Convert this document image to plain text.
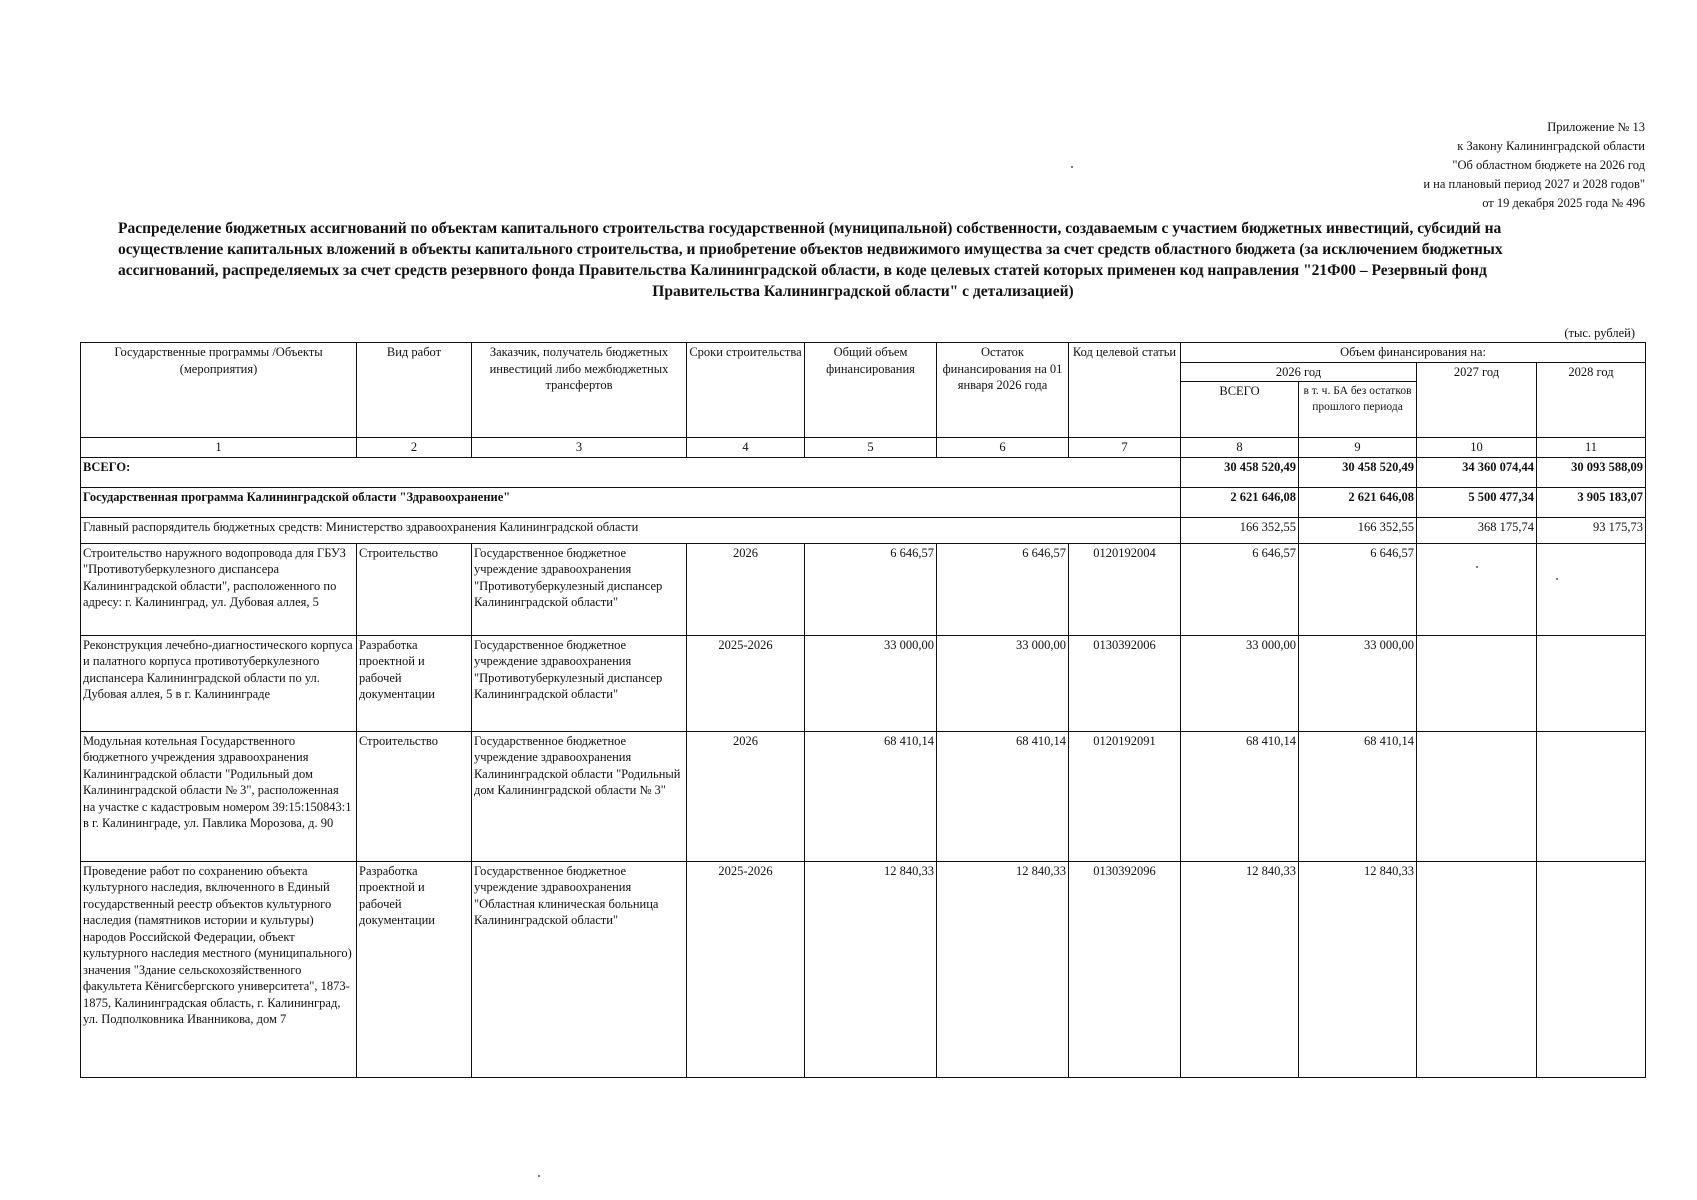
Приложение № 13
к Закону Калининградской области
"Об областном бюджете на 2026 год
и на плановый период 2027 и 2028 годов"
от 19 декабря 2025 года № 496
Распределение бюджетных ассигнований по объектам капитального строительства государственной (муниципальной) собственности, создаваемым с участием бюджетных инвестиций, субсидий на
осуществление капитальных вложений в объекты капитального строительства, и приобретение объектов недвижимого имущества за счет средств областного бюджета (за исключением бюджетных
ассигнований, распределяемых за счет средств резервного фонда Правительства Калининградской области, в коде целевых статей которых применен код направления "21Ф00 – Резервный фонд
Правительства Калининградской области" с детализацией)
(тыс. рублей)
Государственные программы /Объекты (мероприятия)	Вид работ	Заказчик, получатель бюджетных инвестиций либо межбюджетных трансфертов	Сроки строительства	Общий объем финансирования	Остаток финансирования на 01 января 2026 года	Код целевой статьи	Объем финансирования на:			
							2026 год		2027 год	2028 год
							ВСЕГО	в т. ч. БА без остатков прошлого периода		
1	2	3	4	5	6	7	8	9	10	11
ВСЕГО:							30 458 520,49	30 458 520,49	34 360 074,44	30 093 588,09
Государственная программа Калининградской области "Здравоохранение"							2 621 646,08	2 621 646,08	5 500 477,34	3 905 183,07
Главный распорядитель бюджетных средств: Министерство здравоохранения Калининградской области							166 352,55	166 352,55	368 175,74	93 175,73
Строительство наружного водопровода для ГБУЗ "Противотуберкулезного диспансера Калининградской области", расположенного по адресу: г. Калининград, ул. Дубовая аллея, 5	Строительство	Государственное бюджетное учреждение здравоохранения "Противотуберкулезный диспансер Калининградской области"	2026	6 646,57	6 646,57	0120192004	6 646,57	6 646,57		
Реконструкция лечебно-диагностического корпуса и палатного корпуса противотуберкулезного диспансера Калининградской области по ул. Дубовая аллея, 5 в г. Калининграде	Разработка проектной и рабочей документации	Государственное бюджетное учреждение здравоохранения "Противотуберкулезный диспансер Калининградской области"	2025-2026	33 000,00	33 000,00	0130392006	33 000,00	33 000,00		
Модульная котельная Государственного бюджетного учреждения здравоохранения Калининградской области "Родильный дом Калининградской области № 3", расположенная на участке с кадастровым номером 39:15:150843:1 в г. Калининграде, ул. Павлика Морозова, д. 90	Строительство	Государственное бюджетное учреждение здравоохранения Калининградской области "Родильный дом Калининградской области № 3"	2026	68 410,14	68 410,14	0120192091	68 410,14	68 410,14		
Проведение работ по сохранению объекта культурного наследия, включенного в Единый государственный реестр объектов культурного наследия (памятников истории и культуры) народов Российской Федерации, объект культурного наследия местного (муниципального) значения "Здание сельскохозяйственного факультета Кёнигсбергского университета", 1873-1875, Калининградская область, г. Калининград, ул. Подполковника Иванникова, дом 7	Разработка проектной и рабочей документации	Государственное бюджетное учреждение здравоохранения "Областная клиническая больница Калининградской области"	2025-2026	12 840,33	12 840,33	0130392096	12 840,33	12 840,33		
